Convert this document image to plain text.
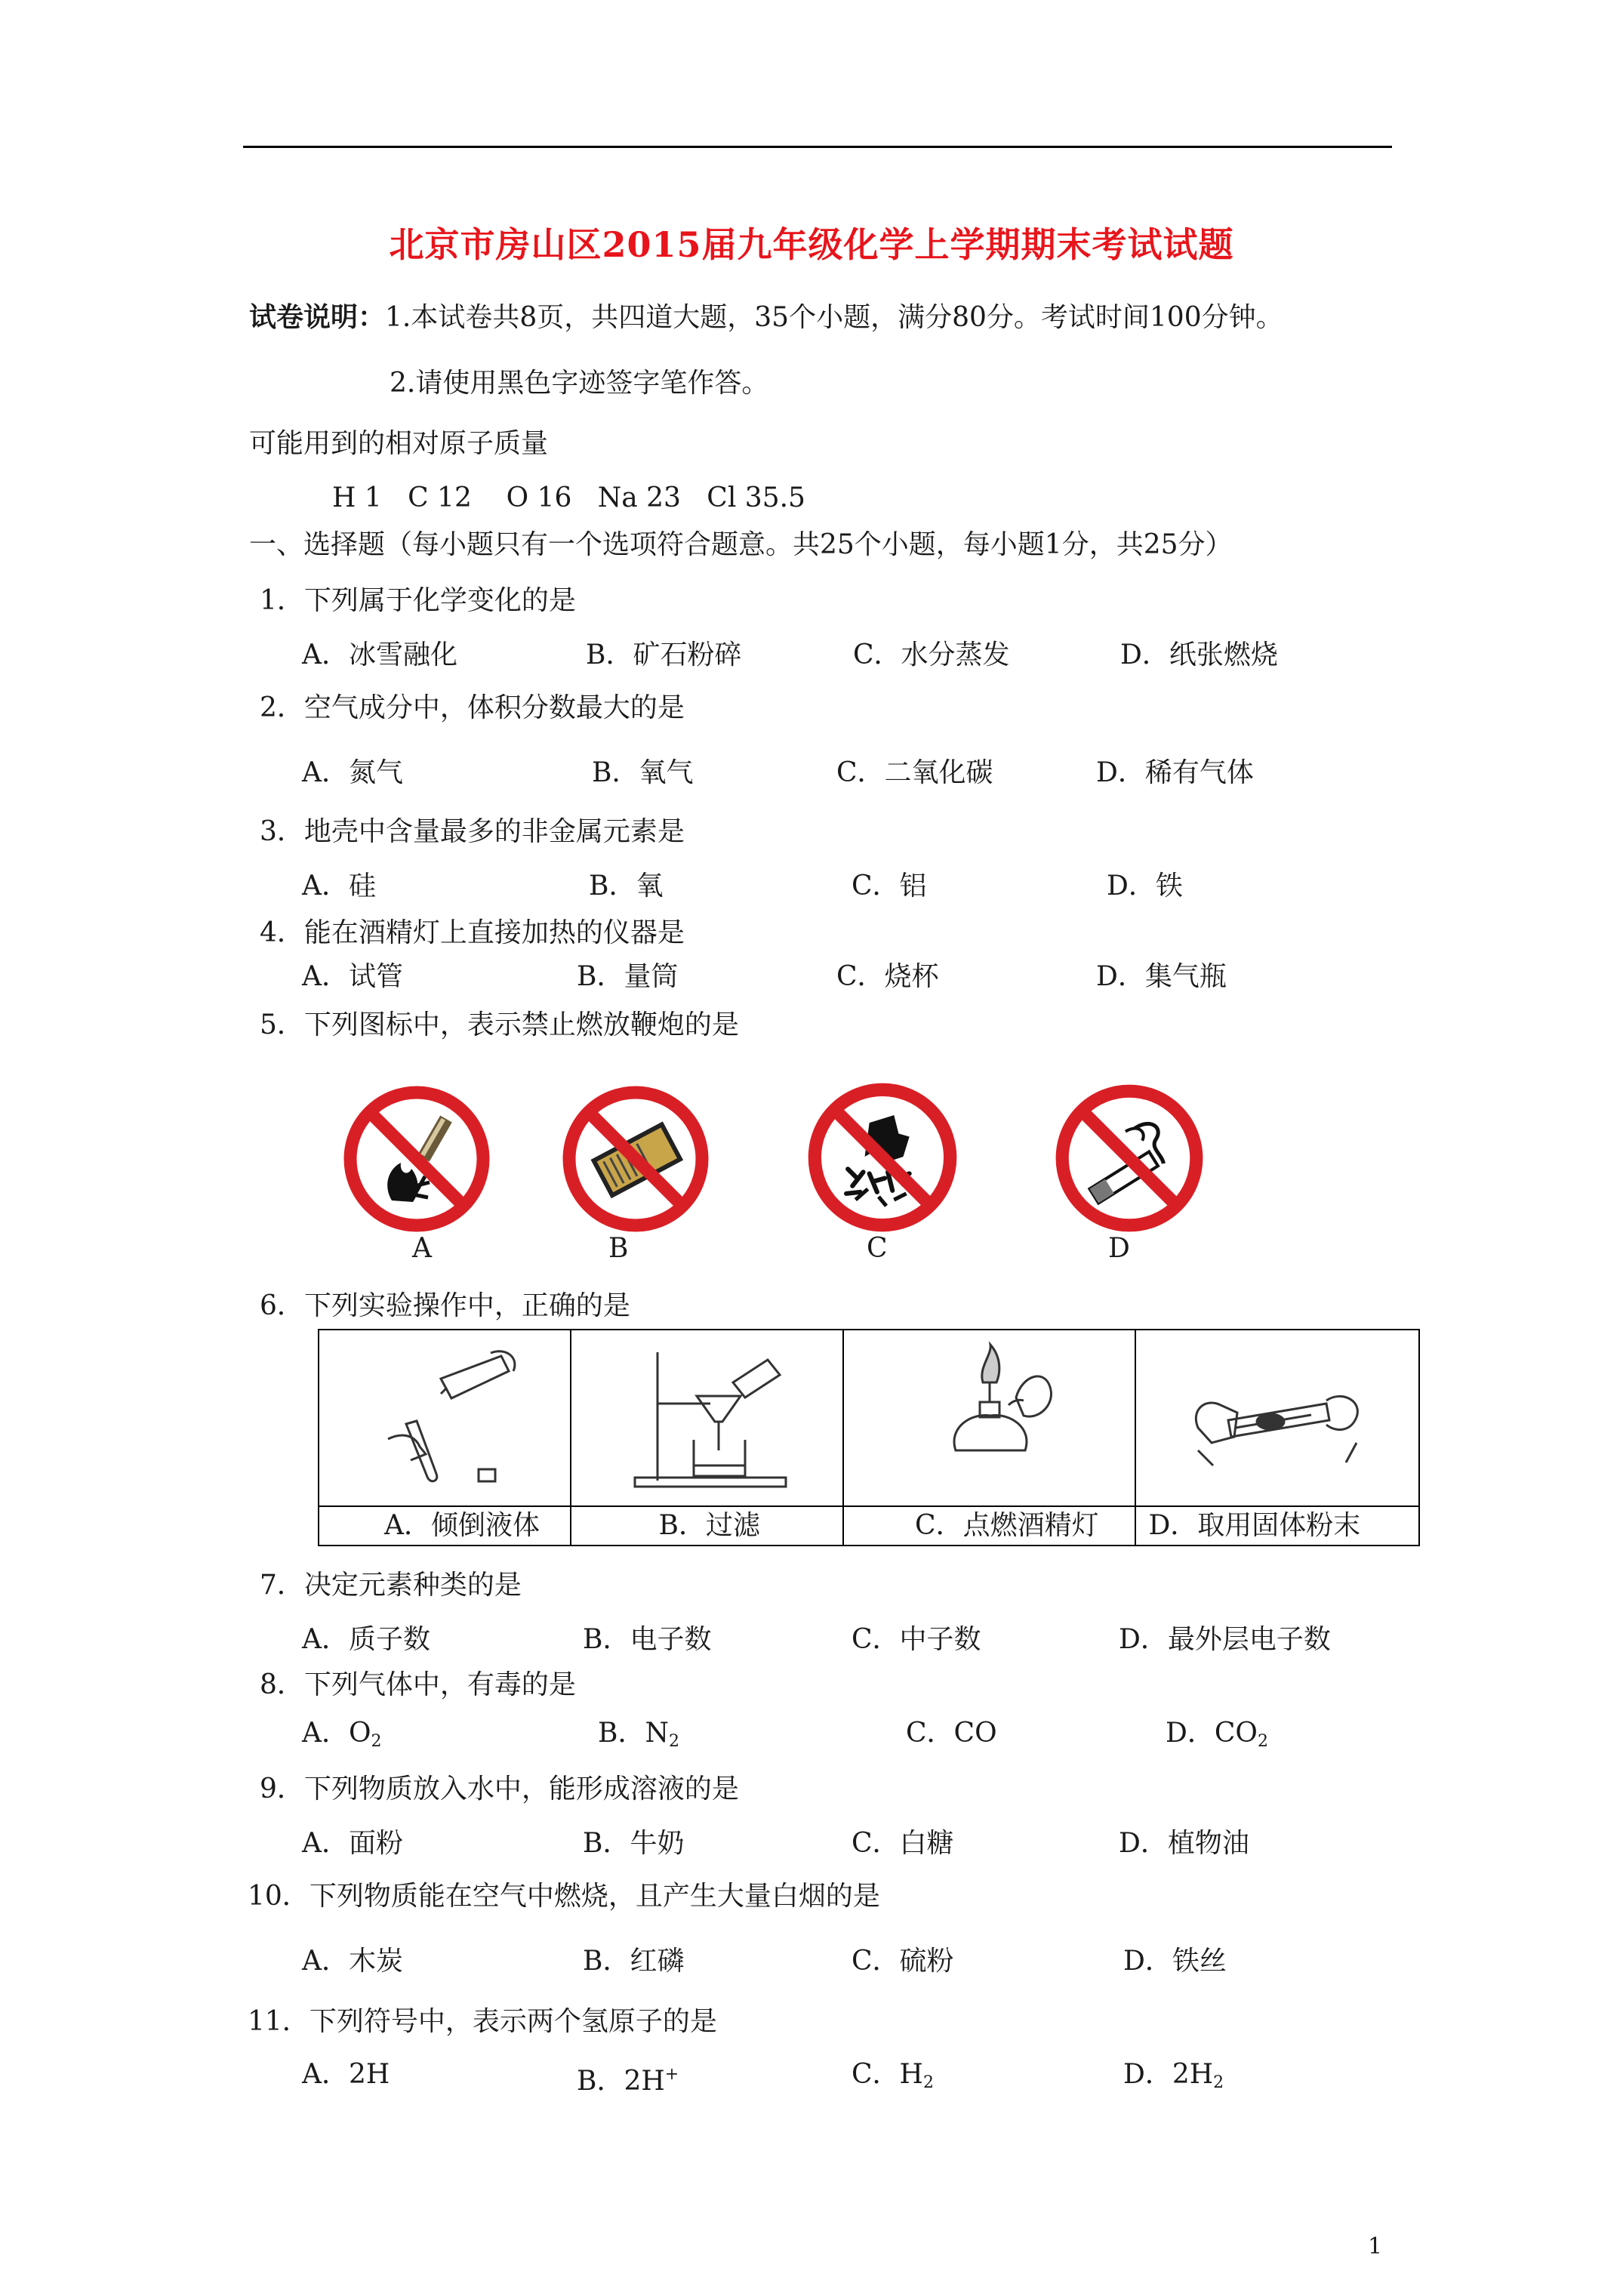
北京市房山区2015届九年级化学上学期期末考试试题
试卷说明：1.本试卷共8页，共四道大题，35个小题，满分80分。考试时间100分钟。
2.请使用黑色字迹签字笔作答。
可能用到的相对原子质量
H 1   C 12    O 16   Na 23   Cl 35.5
一、选择题（每小题只有一个选项符合题意。共25个小题，每小题1分，共25分）
1．下列属于化学变化的是
A．冰雪融化	B．矿石粉碎	C．水分蒸发	D．纸张燃烧
2．空气成分中，体积分数最大的是
A．氮气	B．氧气	C．二氧化碳	D．稀有气体
3．地壳中含量最多的非金属元素是
A．硅	B．氧	C．铝	D．铁
4．能在酒精灯上直接加热的仪器是
A．试管	B．量筒	C．烧杯	D．集气瓶
5．下列图标中，表示禁止燃放鞭炮的是
A	B	C	D
6．下列实验操作中，正确的是

A．倾倒液体	B．过滤	C．点燃酒精灯	D．取用固体粉末
7．决定元素种类的是
A．质子数	B．电子数	C．中子数	D．最外层电子数
8．下列气体中，有毒的是
A．$O_2$	B．$N_2$	C．CO	D．$CO_2$
9．下列物质放入水中，能形成溶液的是
A．面粉	B．牛奶	C．白糖	D．植物油
10．下列物质能在空气中燃烧，且产生大量白烟的是
A．木炭	B．红磷	C．硫粉	D．铁丝
11．下列符号中，表示两个氢原子的是
A．2H	B．2H+	C．$H_2$	D．$2H_2$
1
